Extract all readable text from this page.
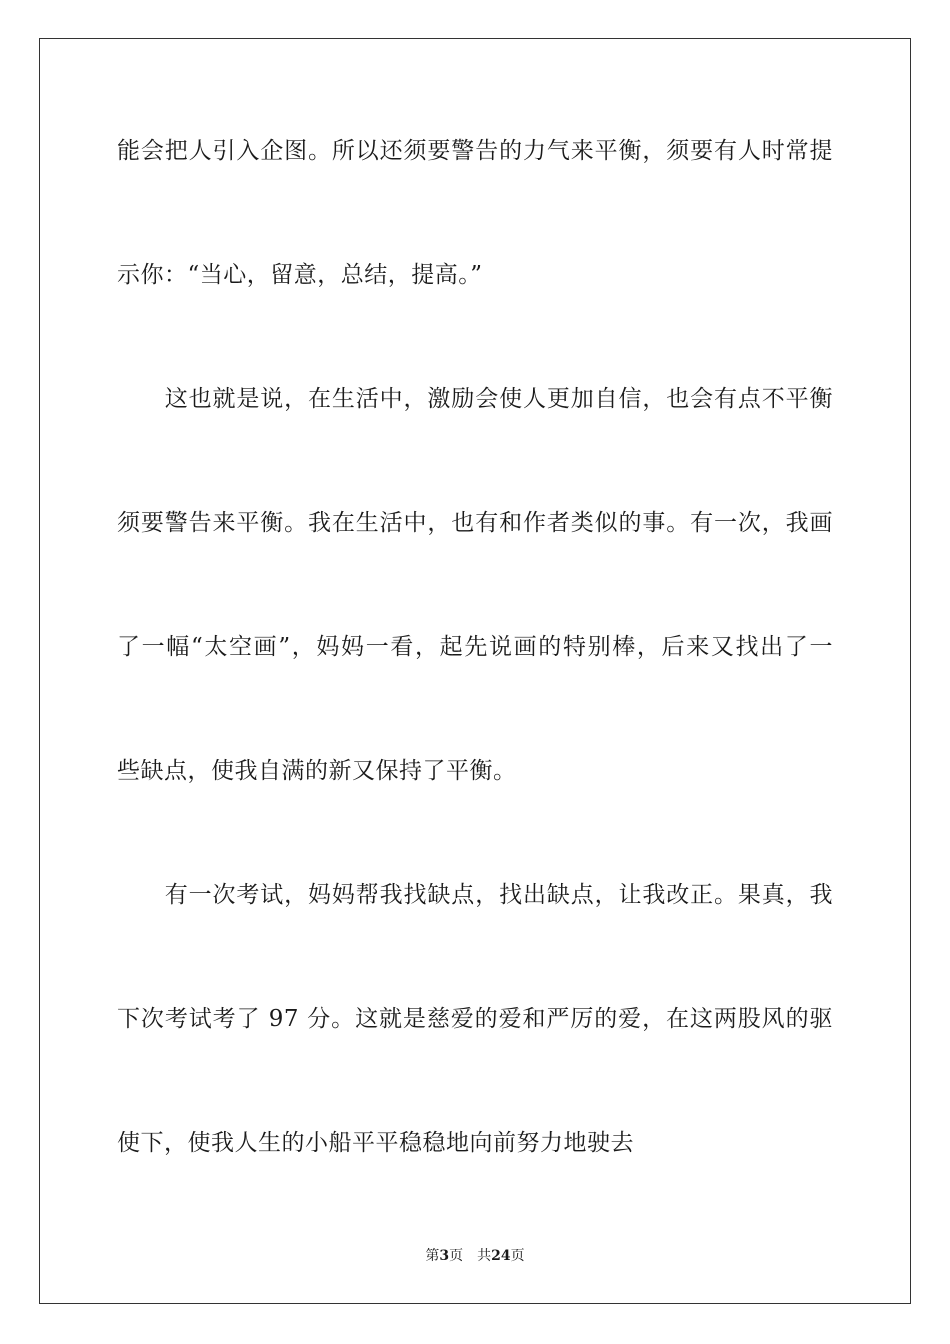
能会把人引入企图。所以还须要警告的力气来平衡，须要有人时常提
示你：“当心，留意，总结，提高。”
　　这也就是说，在生活中，激励会使人更加自信，也会有点不平衡
须要警告来平衡。我在生活中，也有和作者类似的事。有一次，我画
了一幅“太空画”，妈妈一看，起先说画的特别棒，后来又找出了一
些缺点，使我自满的新又保持了平衡。
　　有一次考试，妈妈帮我找缺点，找出缺点，让我改正。果真，我
下次考试考了 97 分。这就是慈爱的爱和严厉的爱，在这两股风的驱
使下，使我人生的小船平平稳稳地向前努力地驶去
第3页　共24页
